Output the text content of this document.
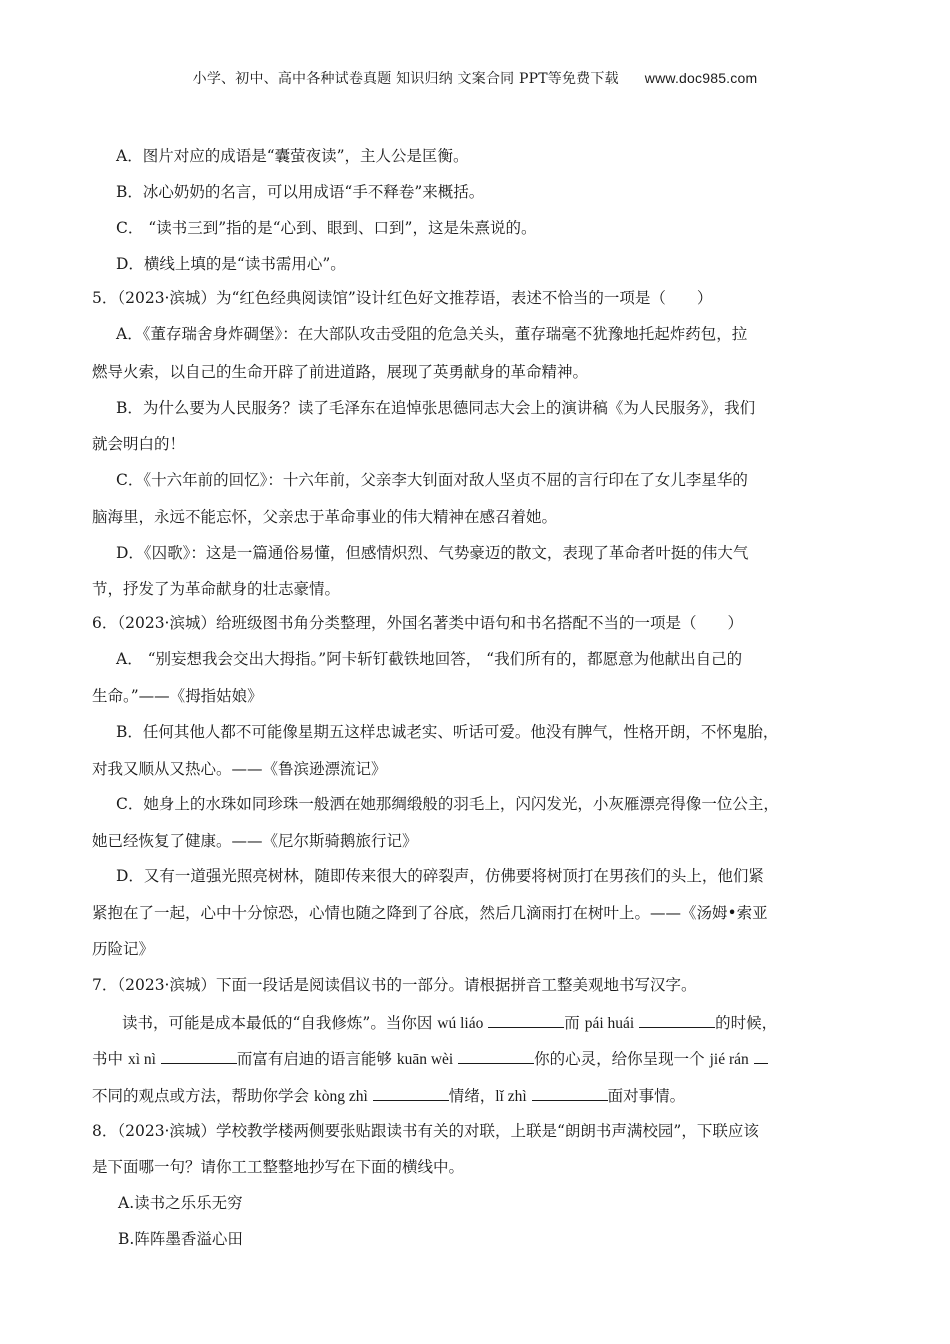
小学、初中、高中各种试卷真题 知识归纳 文案合同 PPT等免费下载 www.doc985.com
A．图片对应的成语是“囊萤夜读”，主人公是匡衡。
B．冰心奶奶的名言，可以用成语“手不释卷”来概括。
C． “读书三到”指的是“心到、眼到、口到”，这是朱熹说的。
D．横线上填的是“读书需用心”。
5．（2023·滨城）为“红色经典阅读馆”设计红色好文推荐语，表述不恰当的一项是（　　）
A．《董存瑞舍身炸碉堡》：在大部队攻击受阻的危急关头，董存瑞毫不犹豫地托起炸药包，拉
燃导火索，以自己的生命开辟了前进道路，展现了英勇献身的革命精神。
B．为什么要为人民服务？读了毛泽东在追悼张思德同志大会上的演讲稿《为人民服务》，我们
就会明白的！
C．《十六年前的回忆》：十六年前，父亲李大钊面对敌人坚贞不屈的言行印在了女儿李星华的
脑海里，永远不能忘怀，父亲忠于革命事业的伟大精神在感召着她。
D．《囚歌》：这是一篇通俗易懂，但感情炽烈、气势豪迈的散文，表现了革命者叶挺的伟大气
节，抒发了为革命献身的壮志豪情。
6．（2023·滨城）给班级图书角分类整理，外国名著类中语句和书名搭配不当的一项是（　　）
A． “别妄想我会交出大拇指。”阿卡斩钉截铁地回答， “我们所有的，都愿意为他献出自己的
生命。”——《拇指姑娘》
B．任何其他人都不可能像星期五这样忠诚老实、听话可爱。他没有脾气，性格开朗，不怀鬼胎，
对我又顺从又热心。——《鲁滨逊漂流记》
C．她身上的水珠如同珍珠一般洒在她那绸缎般的羽毛上，闪闪发光，小灰雁漂亮得像一位公主，
她已经恢复了健康。——《尼尔斯骑鹅旅行记》
D．又有一道强光照亮树林，随即传来很大的碎裂声，仿佛要将树顶打在男孩们的头上，他们紧
紧抱在了一起，心中十分惊恐，心情也随之降到了谷底，然后几滴雨打在树叶上。——《汤姆•索亚
历险记》
7．（2023·滨城）下面一段话是阅读倡议书的一部分。请根据拼音工整美观地书写汉字。
读书，可能是成本最低的“自我修炼”。当你因 wú liáo	而 pái huái	的时候，
书中 xì nì	而富有启迪的语言能够 kuān wèi	你的心灵，给你呈现一个 jié rán
不同的观点或方法，帮助你学会 kòng zhì	情绪，lǐ zhì	面对事情。
8．（2023·滨城）学校教学楼两侧要张贴跟读书有关的对联，上联是“朗朗书声满校园”，下联应该
是下面哪一句？请你工工整整地抄写在下面的横线中。
A.读书之乐乐无穷
B.阵阵墨香溢心田
